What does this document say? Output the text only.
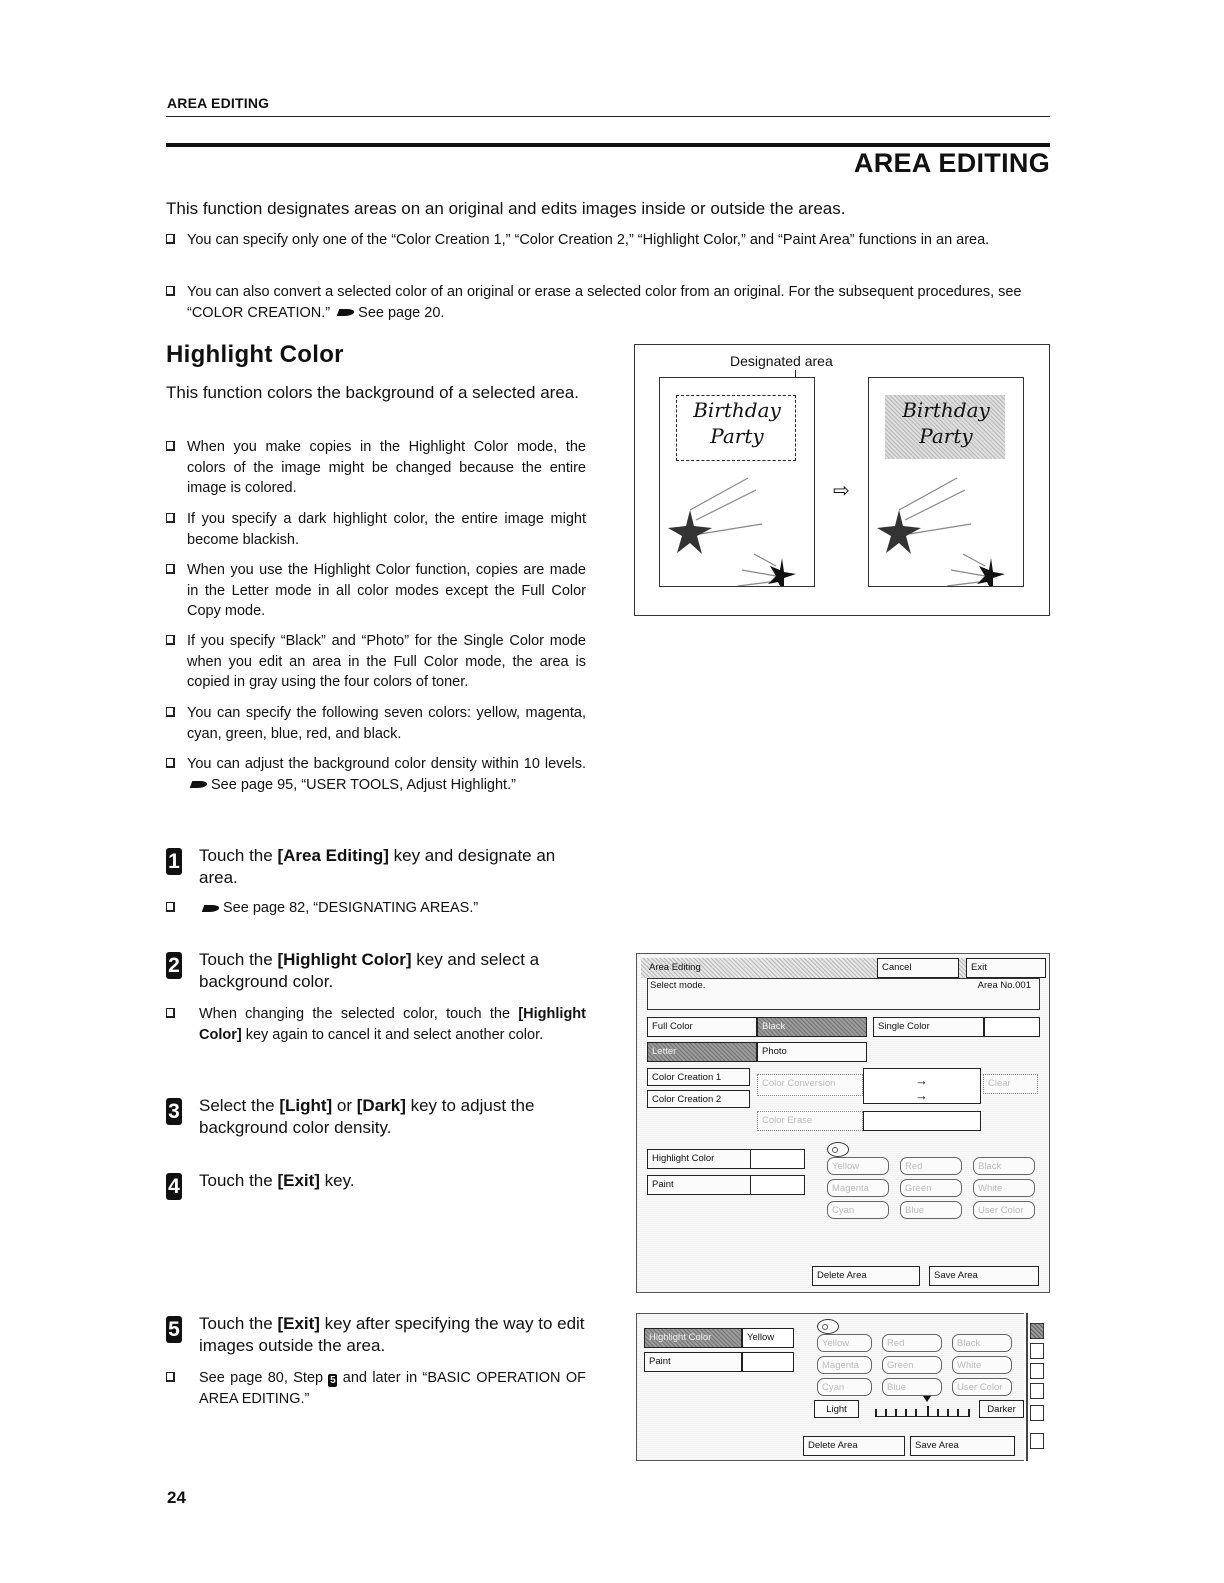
AREA EDITING
AREA EDITING
This function designates areas on an original and edits images inside or outside the areas.
You can specify only one of the “Color Creation 1,” “Color Creation 2,” “Highlight Color,” and “Paint Area” functions in an area.
You can also convert a selected color of an original or erase a selected color from an original. For the subsequent procedures, see “COLOR CREATION.” See page 20.
Highlight Color
This function colors the background of a selected area.
When you make copies in the Highlight Color mode, the colors of the image might be changed because the entire image is colored.
If you specify a dark highlight color, the entire image might become blackish.
When you use the Highlight Color function, copies are made in the Letter mode in all color modes except the Full Color Copy mode.
If you specify “Black” and “Photo” for the Single Color mode when you edit an area in the Full Color mode, the area is copied in gray using the four colors of toner.
You can specify the following seven colors: yellow, magenta, cyan, green, blue, red, and black.
You can adjust the background color density within 10 levels. See page 95, “USER TOOLS, Adjust Highlight.”
1	Touch the [Area Editing] key and designate an area.
See page 82, “DESIGNATING AREAS.”
2	Touch the [Highlight Color] key and select a background color.
When changing the selected color, touch the [Highlight Color] key again to cancel it and select another color.
3	Select the [Light] or [Dark] key to adjust the background color density.
4	Touch the [Exit] key.
5	Touch the [Exit] key after specifying the way to edit images outside the area.
See page 80, Step 5 and later in “BASIC OPERATION OF AREA EDITING.”
Designated area
Birthday
Party
⇨
Birthday
Party
Area Editing	Cancel	Exit
Select mode.	Area No.001
Full Color	Black	Single Color
Letter	Photo
Color Creation 1
Color Creation 2
Color Conversion	→
→
Clear
Color Erase
Highlight Color
Paint
Yellow	Red	Black
Magenta	Green	White
Cyan	Blue	User Color
Delete Area	Save Area
Highlight Color	Yellow
Paint
Yellow	Red	Black
Magenta	Green	White
Cyan	Blue	User Color
Light	Darker
Delete Area	Save Area
24
